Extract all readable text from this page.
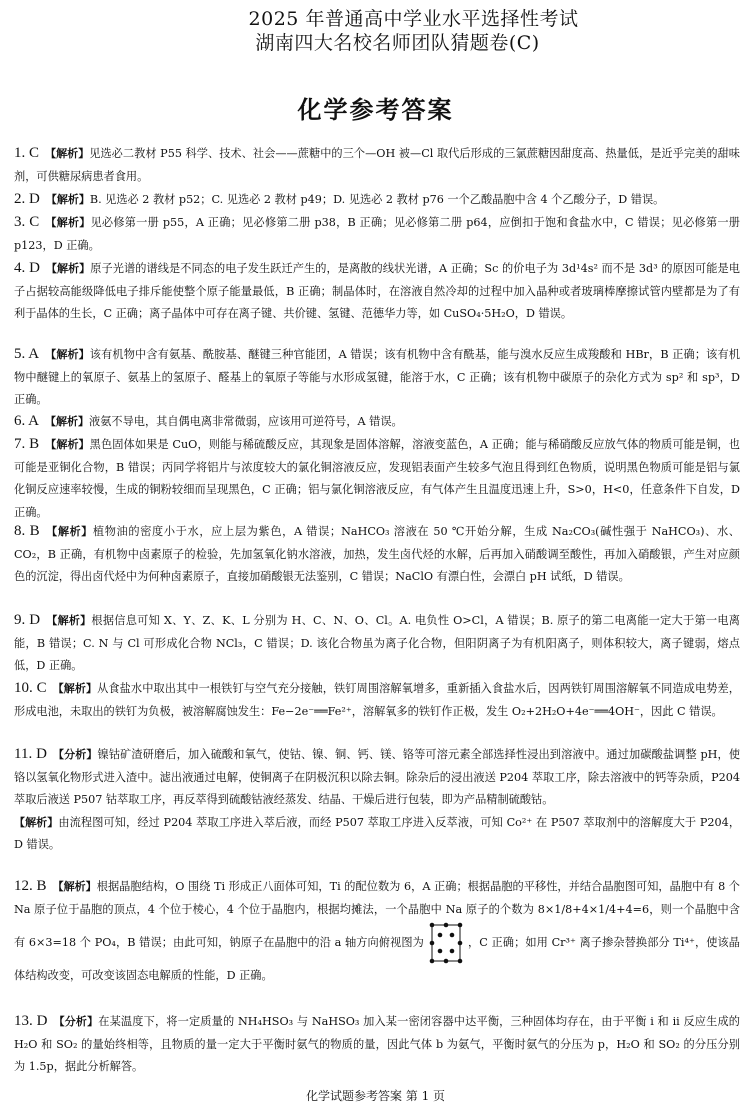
2025 年普通高中学业水平选择性考试
湖南四大名校名师团队猜题卷(C)
化学参考答案
1. C 【解析】见选必二教材 P55 科学、技术、社会——蔗糖中的三个—OH 被—Cl 取代后形成的三氯蔗糖因甜度高、热量低，是近乎完美的甜味剂，可供糖尿病患者食用。
2. D 【解析】B. 见选必 2 教材 p52；C. 见选必 2 教材 p49；D. 见选必 2 教材 p76 一个乙酸晶胞中含 4 个乙酸分子，D 错误。
3. C 【解析】见必修第一册 p55，A 正确；见必修第二册 p38，B 正确；见必修第二册 p64，应倒扣于饱和食盐水中，C 错误；见必修第一册 p123，D 正确。
4. D 【解析】原子光谱的谱线是不同态的电子发生跃迁产生的，是离散的线状光谱，A 正确；Sc 的价电子为 3d¹4s² 而不是 3d³ 的原因可能是电子占据较高能级降低电子排斥能使整个原子能量最低，B 正确；制晶体时，在溶液自然冷却的过程中加入晶种或者玻璃棒摩擦试管内壁都是为了有利于晶体的生长，C 正确；离子晶体中可存在离子键、共价键、氢键、范德华力等，如 CuSO₄·5H₂O，D 错误。
5. A 【解析】该有机物中含有氨基、酰胺基、醚键三种官能团，A 错误；该有机物中含有酰基，能与溴水反应生成羧酸和 HBr，B 正确；该有机物中醚键上的氧原子、氨基上的氢原子、醛基上的氧原子等能与水形成氢键，能溶于水，C 正确；该有机物中碳原子的杂化方式为 sp² 和 sp³，D 正确。
6. A 【解析】液氨不导电，其自偶电离非常微弱，应该用可逆符号，A 错误。
7. B 【解析】黑色固体如果是 CuO，则能与稀硫酸反应，其现象是固体溶解，溶液变蓝色，A 正确；能与稀硝酸反应放气体的物质可能是铜，也可能是亚铜化合物，B 错误；丙同学将铝片与浓度较大的氯化铜溶液反应，发现铝表面产生较多气泡且得到红色物质，说明黑色物质可能是铝与氯化铜反应速率较慢，生成的铜粉较细而呈现黑色，C 正确；铝与氯化铜溶液反应，有气体产生且温度迅速上升，S>0，H<0，任意条件下自发，D 正确。
8. B 【解析】植物油的密度小于水，应上层为紫色，A 错误；NaHCO₃ 溶液在 50 ℃开始分解，生成 Na₂CO₃(碱性强于 NaHCO₃)、水、CO₂，B 正确，有机物中卤素原子的检验，先加氢氧化钠水溶液，加热，发生卤代烃的水解，后再加入硝酸调至酸性，再加入硝酸银，产生对应颜色的沉淀，得出卤代烃中为何种卤素原子，直接加硝酸银无法鉴别，C 错误；NaClO 有漂白性，会漂白 pH 试纸，D 错误。
9. D 【解析】根据信息可知 X、Y、Z、K、L 分别为 H、C、N、O、Cl。A. 电负性 O>Cl，A 错误；B. 原子的第二电离能一定大于第一电离能，B 错误；C. N 与 Cl 可形成化合物 NCl₃，C 错误；D. 该化合物虽为离子化合物，但阳阴离子为有机阳离子，则体积较大，离子键弱，熔点低，D 正确。
10. C 【解析】从食盐水中取出其中一根铁钉与空气充分接触，铁钉周围溶解氧增多，重新插入食盐水后，因两铁钉周围溶解氧不同造成电势差，形成电池，未取出的铁钉为负极，被溶解腐蚀发生：Fe−2e⁻══Fe²⁺，溶解氧多的铁钉作正极，发生 O₂+2H₂O+4e⁻══4OH⁻，因此 C 错误。
11. D 【分析】镍钴矿渣研磨后，加入硫酸和氧气，使钴、镍、铜、钙、镁、铬等可溶元素全部选择性浸出到溶液中。通过加碳酸盐调整 pH，使铬以氢氧化物形式进入渣中。滤出液通过电解，使铜离子在阴极沉积以除去铜。除杂后的浸出液送 P204 萃取工序，除去溶液中的钙等杂质，P204 萃取后液送 P507 钴萃取工序，再反萃得到硫酸钴液经蒸发、结晶、干燥后进行包装，即为产品精制硫酸钴。
【解析】由流程图可知，经过 P204 萃取工序进入萃后液，而经 P507 萃取工序进入反萃液，可知 Co²⁺ 在 P507 萃取剂中的溶解度大于 P204，D 错误。
12. B 【解析】根据晶胞结构，O 围绕 Ti 形成正八面体可知，Ti 的配位数为 6，A 正确；根据晶胞的平移性，并结合晶胞图可知，晶胞中有 8 个 Na 原子位于晶胞的顶点，4 个位于棱心，4 个位于晶胞内，根据均摊法，一个晶胞中 Na 原子的个数为 8×1/8+4×1/4+4=6，则一个晶胞中含有 6×3=18 个 PO₄，B 错误；由此可知，钠原子在晶胞中的沿 a 轴方向俯视图为	，C 正确；如用 Cr³⁺ 离子掺杂替换部分 Ti⁴⁺，使该晶体结构改变，可改变该固态电解质的性能，D 正确。
13. D 【分析】在某温度下，将一定质量的 NH₄HSO₃ 与 NaHSO₃ 加入某一密闭容器中达平衡，三种固体均存在，由于平衡 i 和 ii 反应生成的 H₂O 和 SO₂ 的量始终相等，且物质的量一定大于平衡时氨气的物质的量，因此气体 b 为氨气，平衡时氨气的分压为 p，H₂O 和 SO₂ 的分压分别为 1.5p，据此分析解答。
化学试题参考答案 第 1 页
